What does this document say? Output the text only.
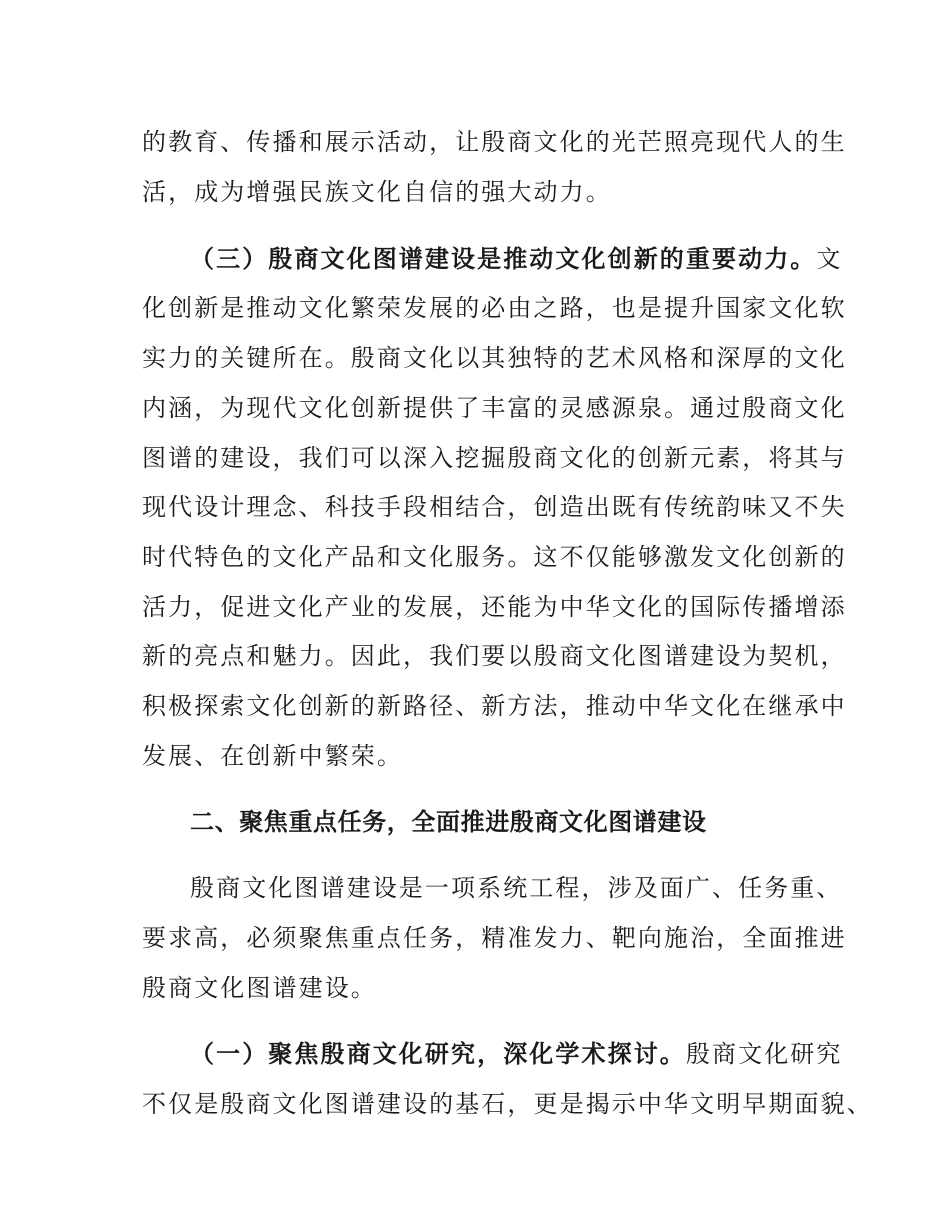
的教育、传播和展示活动，让殷商文化的光芒照亮现代人的生
活，成为增强民族文化自信的强大动力。
（三）殷商文化图谱建设是推动文化创新的重要动力。文
化创新是推动文化繁荣发展的必由之路，也是提升国家文化软
实力的关键所在。殷商文化以其独特的艺术风格和深厚的文化
内涵，为现代文化创新提供了丰富的灵感源泉。通过殷商文化
图谱的建设，我们可以深入挖掘殷商文化的创新元素，将其与
现代设计理念、科技手段相结合，创造出既有传统韵味又不失
时代特色的文化产品和文化服务。这不仅能够激发文化创新的
活力，促进文化产业的发展，还能为中华文化的国际传播增添
新的亮点和魅力。因此，我们要以殷商文化图谱建设为契机，
积极探索文化创新的新路径、新方法，推动中华文化在继承中
发展、在创新中繁荣。
二、聚焦重点任务，全面推进殷商文化图谱建设
殷商文化图谱建设是一项系统工程，涉及面广、任务重、
要求高，必须聚焦重点任务，精准发力、靶向施治，全面推进
殷商文化图谱建设。
（一）聚焦殷商文化研究，深化学术探讨。殷商文化研究
不仅是殷商文化图谱建设的基石，更是揭示中华文明早期面貌、
